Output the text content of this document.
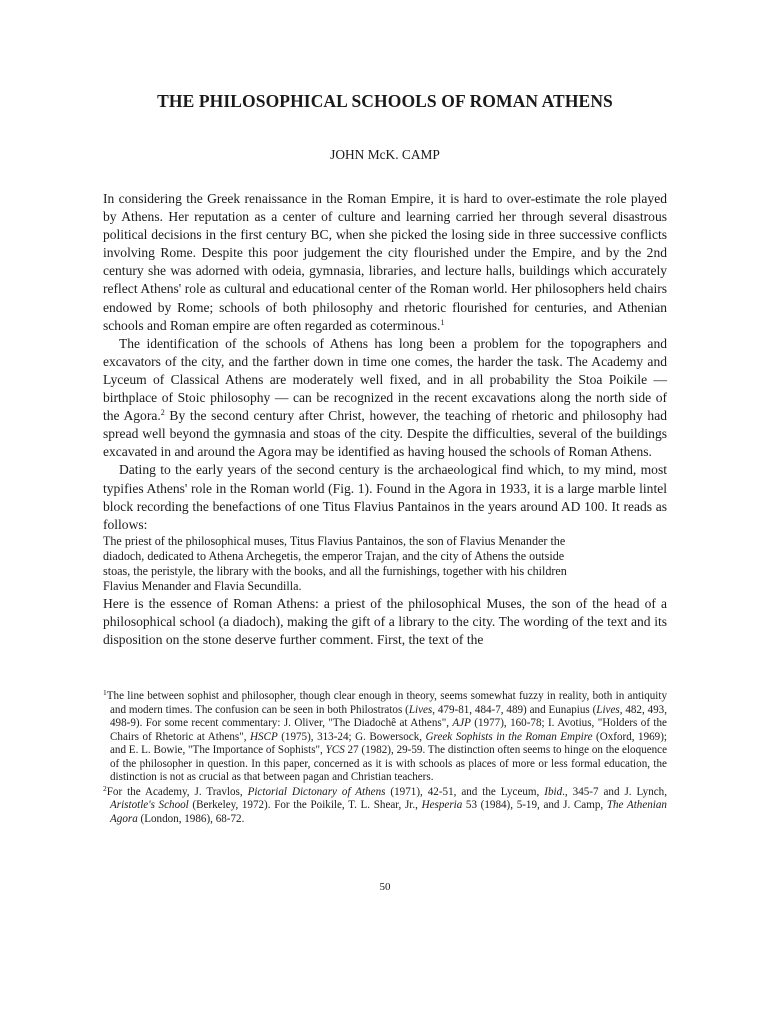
THE PHILOSOPHICAL SCHOOLS OF ROMAN ATHENS
JOHN McK. CAMP

In considering the Greek renaissance in the Roman Empire, it is hard to over-estimate the role played by Athens. Her reputation as a center of culture and learning carried her through several disastrous political decisions in the first century BC, when she picked the losing side in three successive conflicts involving Rome. Despite this poor judgement the city flourished under the Empire, and by the 2nd century she was adorned with odeia, gymnasia, libraries, and lecture halls, buildings which accurately reflect Athens' role as cultural and educational center of the Roman world. Her philosophers held chairs endowed by Rome; schools of both philosophy and rhetoric flourished for centuries, and Athenian schools and Roman empire are often regarded as coterminous.$^1$

The identification of the schools of Athens has long been a problem for the topographers and excavators of the city, and the farther down in time one comes, the harder the task. The Academy and Lyceum of Classical Athens are moderately well fixed, and in all probability the Stoa Poikile — birthplace of Stoic philosophy — can be recognized in the recent excavations along the north side of the Agora.$^2$ By the second century after Christ, however, the teaching of rhetoric and philosophy had spread well beyond the gymnasia and stoas of the city. Despite the difficulties, several of the buildings excavated in and around the Agora may be identified as having housed the schools of Roman Athens.

Dating to the early years of the second century is the archaeological find which, to my mind, most typifies Athens' role in the Roman world (Fig. 1). Found in the Agora in 1933, it is a large marble lintel block recording the benefactions of one Titus Flavius Pantainos in the years around AD 100. It reads as follows:

The priest of the philosophical muses, Titus Flavius Pantainos, the son of Flavius Menander the diadoch, dedicated to Athena Archegetis, the emperor Trajan, and the city of Athens the outside stoas, the peristyle, the library with the books, and all the furnishings, together with his children Flavius Menander and Flavia Secundilla.

Here is the essence of Roman Athens: a priest of the philosophical Muses, the son of the head of a philosophical school (a diadoch), making the gift of a library to the city. The wording of the text and its disposition on the stone deserve further comment. First, the text of the

$^1$The line between sophist and philosopher, though clear enough in theory, seems somewhat fuzzy in reality, both in antiquity and modern times. The confusion can be seen in both Philostratos (Lives, 479-81, 484-7, 489) and Eunapius (Lives, 482, 493, 498-9). For some recent commentary: J. Oliver, "The Diadochê at Athens", AJP (1977), 160-78; I. Avotius, "Holders of the Chairs of Rhetoric at Athens", HSCP (1975), 313-24; G. Bowersock, Greek Sophists in the Roman Empire (Oxford, 1969); and E. L. Bowie, "The Importance of Sophists", YCS 27 (1982), 29-59. The distinction often seems to hinge on the eloquence of the philosopher in question. In this paper, concerned as it is with schools as places of more or less formal education, the distinction is not as crucial as that between pagan and Christian teachers.

$^2$For the Academy, J. Travlos, Pictorial Dictonary of Athens (1971), 42-51, and the Lyceum, Ibid., 345-7 and J. Lynch, Aristotle's School (Berkeley, 1972). For the Poikile, T. L. Shear, Jr., Hesperia 53 (1984), 5-19, and J. Camp, The Athenian Agora (London, 1986), 68-72.

50
